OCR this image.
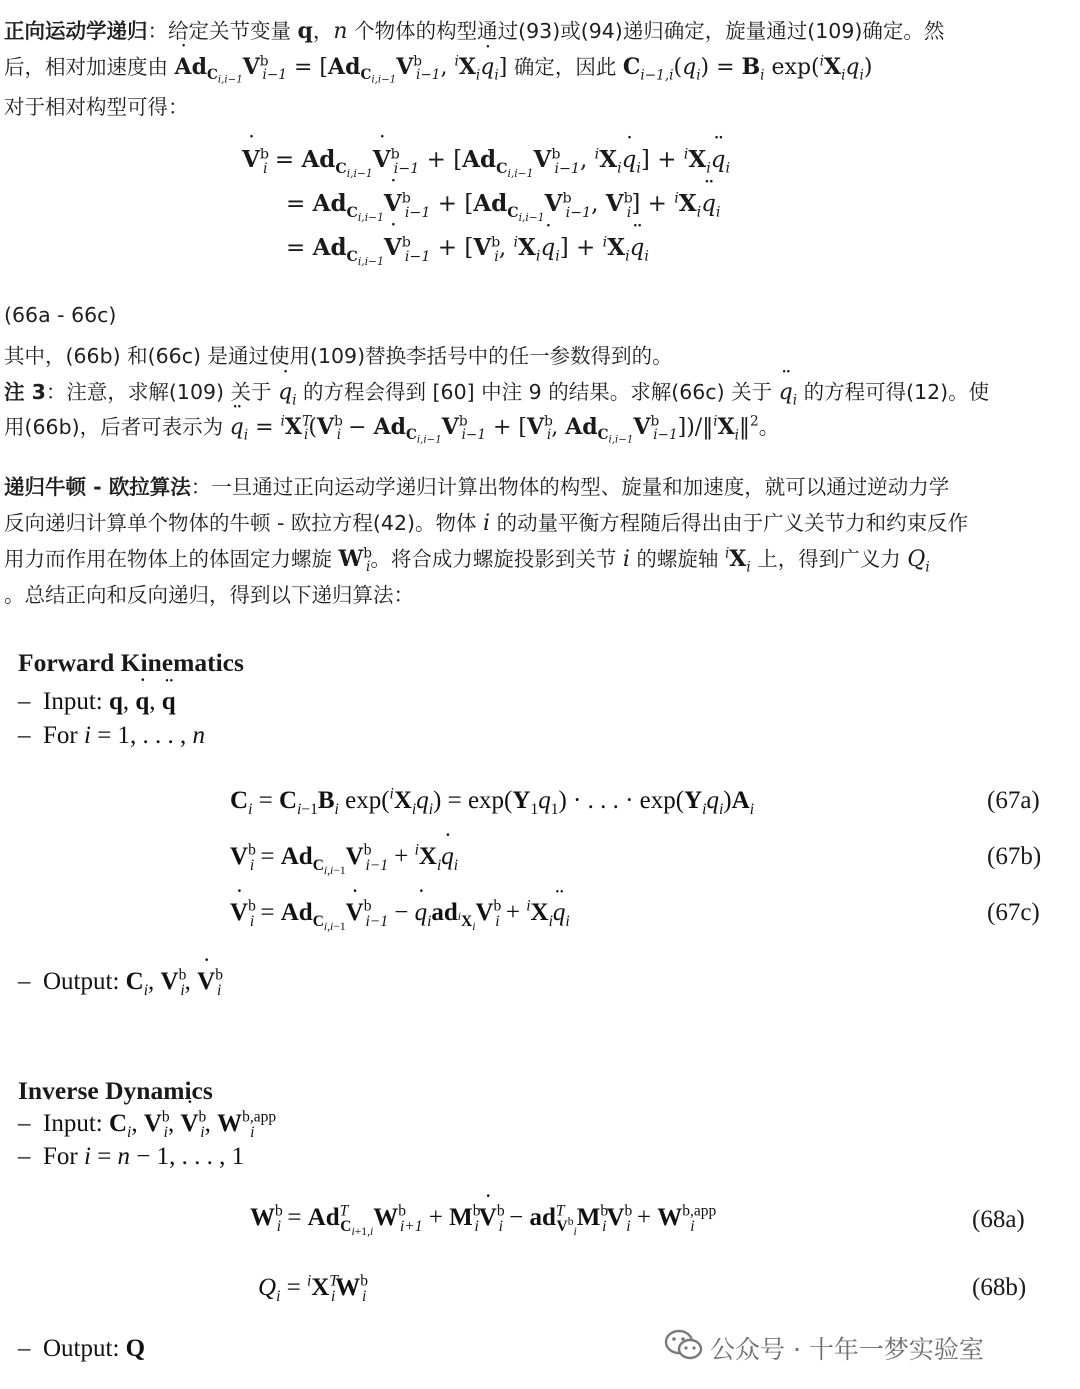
正向运动学递归：给定关节变量 q，n 个物体的构型通过(93)或(94)递归确定，旋量通过(109)确定。然
后，相对加速度由 ˙ $Ad_{C_{i,i-1}}V^b_{i-1} = [Ad_{C_{i,i-1}}V^b_{i-1}$, $^iX_i˙$ $q_i$] 确定，因此 $C_{i-1,i}(q_i) = B_i$ $\exp(^iX_iq_i)$
对于相对构型可得：
˙ $V^b_i$ = $Ad_{C_{i,i-1}}˙$ $V^b_{i-1} + [Ad_{C_{i,i-1}}V^b_{i-1}$, $^iX_i˙$ $q_i$] + $^iX_i¨$ $q_i$
= $Ad_{C_{i,i-1}}˙$ $V^b_{i-1} + [Ad_{C_{i,i-1}}V^b_{i-1}$, $V^b_i$] + $^iX_i¨$ $q_i$
= $Ad_{C_{i,i-1}}˙$ $V^b_{i-1} + [V^b_i$, $^iX_i˙$ $q_i$] + $^iX_i¨$ $q_i$
(66a - 66c)
其中，(66b) 和(66c) 是通过使用(109)替换李括号中的任一参数得到的。
注 3：注意，求解(109) 关于 ˙ $q_i$ 的方程会得到 [60] 中注 9 的结果。求解(66c) 关于 ¨ $q_i$ 的方程可得(12)。使
用(66b)，后者可表示为 ¨ $q_i = ^iX^T_i(V^b_i - Ad_{C_{i,i-1}}V^b_{i-1} + [V^b_i$, $Ad_{C_{i,i-1}}V^b_{i-1}])/‖^iX_i‖^2$。
递归牛顿 - 欧拉算法：一旦通过正向运动学递归计算出物体的构型、旋量和加速度，就可以通过逆动力学
反向递归计算单个物体的牛顿 - 欧拉方程(42)。物体 i 的动量平衡方程随后得出由于广义关节力和约束反作
用力而作用在物体上的体固定力螺旋 $W^b_i$。将合成力螺旋投影到关节 i 的螺旋轴 $^iX_i$ 上，得到广义力 $Q_i$
。总结正向和反向递归，得到以下递归算法：
Forward Kinematics
–  Input: q, ˙ q, ¨ q
–  For i = 1, . . . , n
$C_i = C_{i-1}B_i$ $\exp(^iX_iq_i) = \exp(Y_1q_1)$ · . . . · $\exp(Y_iq_i)A_i$	(67a)
$V^b_i = Ad_{C_{i,i-1}}V^b_{i-1}$ + $^iX_i˙$ $q_i$	(67b)
˙ $V^b_i$ = $Ad_{C_{i,i-1}}˙$ $V^b_{i-1}$ − ˙ $q_iad_{^iX_i}V^b_i$ + $^iX_i¨$ $q_i$	(67c)
–  Output: $C_i$, $V^b_i$, ˙ $V^b_i$
Inverse Dynamics
–  Input: $C_i$, $V^b_i$, ˙ $V^b_i$, $W^{b,app}_i$
–  For i = n − 1, . . . , 1
$W^b_i = Ad^T_{C_{i+1,i}}W^b_{i+1}$ + $M^b_i˙$ $V^b_i - ad^T_{V^b_i}M^b_iV^b_i + W^{b,app}_i$	(68a)
$Q_i = ^iX^T_iW^b_i$	(68b)
–  Output: Q	公众号 · 十年一梦实验室
